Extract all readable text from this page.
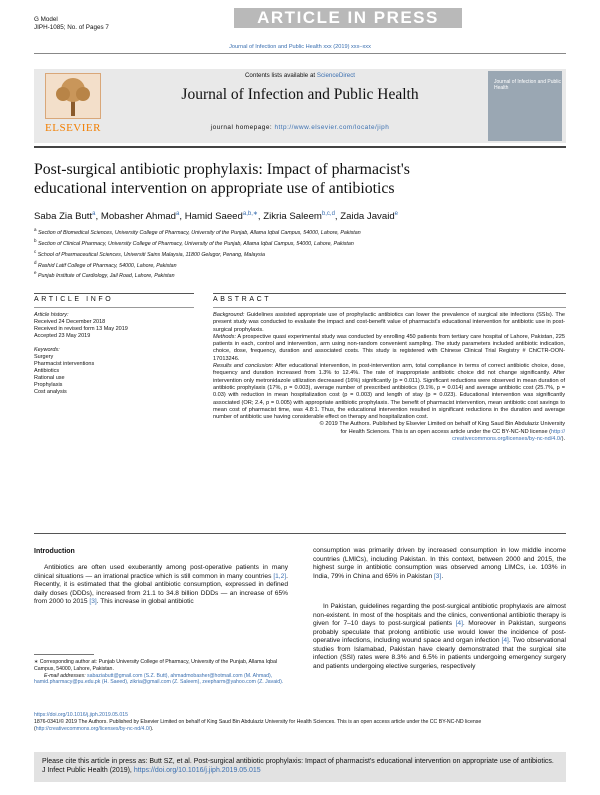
G Model
JIPH-1085; No. of Pages 7
ARTICLE IN PRESS
Journal of Infection and Public Health xxx (2019) xxx–xxx
ELSEVIER
Contents lists available at ScienceDirect
Journal of Infection and Public Health
journal homepage: http://www.elsevier.com/locate/jiph
Journal of Infection and Public Health
Post-surgical antibiotic prophylaxis: Impact of pharmacist's
educational intervention on appropriate use of antibiotics
Saba Zia Butt$^a$, Mobasher Ahmad$^a$, Hamid Saeed$^{a,b,∗}$, Zikria Saleem$^{b,c,d}$, Zaida Javaid$^e$
$^a$ Section of Biomedical Sciences, University College of Pharmacy, University of the Punjab, Allama Iqbal Campus, 54000, Lahore, Pakistan
$^b$ Section of Clinical Pharmacy, University College of Pharmacy, University of the Punjab, Allama Iqbal Campus, 54000, Lahore, Pakistan
$^c$ School of Pharmaceutical Sciences, Universiti Sains Malaysia, 11800 Gelugor, Penang, Malaysia
$^d$ Rashid Latif College of Pharmacy, 54000, Lahore, Pakistan
$^e$ Punjab Institute of Cardiology, Jail Road, Lahore, Pakistan
ARTICLE INFO	ABSTRACT
Article history:
Received 24 December 2018
Received in revised form 13 May 2019
Accepted 23 May 2019
Keywords:
Surgery
Pharmacist interventions
Antibiotics
Rational use
Prophylaxis
Cost analysis

Background: Guidelines assisted appropriate use of prophylactic antibiotics can lower the prevalence of surgical site infections (SSIs). The present study was conducted to evaluate the impact and cost-benefit value of pharmacist's educational intervention for antibiotic use in post-surgical prophylaxis.

Methods: A prospective quasi experimental study was conducted by enrolling 450 patients from tertiary care hospital of Lahore, Pakistan, 225 patients in each, control and intervention, arm using non-random convenient sampling. The study parameters included antibiotic indication, choice, dose, frequency, duration and associated costs. This study is registered with Chinese Clinical Trial Registry # ChiCTR-OON-17013246.

Results and conclusion: After educational intervention, in post-intervention arm, total compliance in terms of correct antibiotic choice, dose, frequency and duration increased from 1.3% to 12.4%. The rate of inappropriate antibiotic choice did not change significantly. After intervention only metronidazole utilization decreased (16%) significantly (p = 0.011). Significant reductions were observed in mean duration of antibiotic prophylaxis (17%, p = 0.003), average number of prescribed antibiotics (9.1%, p = 0.014) and average antibiotic cost (25.7%, p = 0.03) with reduction in mean hospitalization cost (p = 0.003) and length of stay (p = 0.023). Educational intervention was significantly associated (OR; 2.4, p = 0.005) with appropriate antibiotic prophylaxis. The benefit of pharmacist intervention, mean antibiotic cost savings to mean cost of pharmacist time, was 4.8:1. Thus, the educational intervention resulted in significant reductions in the duration and average number of antibiotic use having considerable effect on therapy and hospitalization cost.

© 2019 The Authors. Published by Elsevier Limited on behalf of King Saud Bin Abdulaziz University
for Health Sciences. This is an open access article under the CC BY-NC-ND license (http://
creativecommons.org/licenses/by-nc-nd/4.0/).
Introduction
Antibiotics are often used exuberantly among post-operative patients in many clinical situations — an irrational practice which is still common in many countries [1,2]. Recently, it is estimated that the global antibiotic consumption, expressed in defined daily doses (DDDs), increased from 21.1 to 34.8 billion DDDs — an increase of 65% from 2000 to 2015 [3]. This increase in global antibiotic
∗ Corresponding author at: Punjab University College of Pharmacy, University of the Punjab, Allama Iqbal Campus, 54000, Lahore, Pakistan.
E-mail addresses: sabaziabutt@gmail.com (S.Z. Butt), ahmadmobasher@hotmail.com (M. Ahmad), hamid.pharmacy@pu.edu.pk (H. Saeed), zikria@gmail.com (Z. Saleem), zeepharm@yahoo.com (Z. Javaid).
https://doi.org/10.1016/j.jiph.2019.05.015
1876-0341/© 2019 The Authors. Published by Elsevier Limited on behalf of King Saud Bin Abdulaziz University for Health Sciences. This is an open access article under the CC BY-NC-ND license (http://creativecommons.org/licenses/by-nc-nd/4.0/).
consumption was primarily driven by increased consumption in low middle income countries (LMICs), including Pakistan. In this context, between 2000 and 2015, the highest surge in antibiotic consumption was observed among LIMCs, i.e. 103% in India, 79% in China and 65% in Pakistan [3].
In Pakistan, guidelines regarding the post-surgical antibiotic prophylaxis are almost non-existent. In most of the hospitals and the clinics, conventional antibiotic therapy is given for 7–10 days to post-surgical patients [4]. Moreover in Pakistan, surgeons probably speculate that prolong antibiotic use would lower the incidence of post-operative infections, including wound space and organ infection [4]. Two observational studies from Islamabad, Pakistan have clearly demonstrated that the surgical site infection (SSI) rates were 8.3% and 6.5% in patients undergoing emergency surgery and patients undergoing elective surgeries, respectively
Please cite this article in press as: Butt SZ, et al. Post-surgical antibiotic prophylaxis: Impact of pharmacist's educational intervention on appropriate use of antibiotics. J Infect Public Health (2019), https://doi.org/10.1016/j.jiph.2019.05.015
